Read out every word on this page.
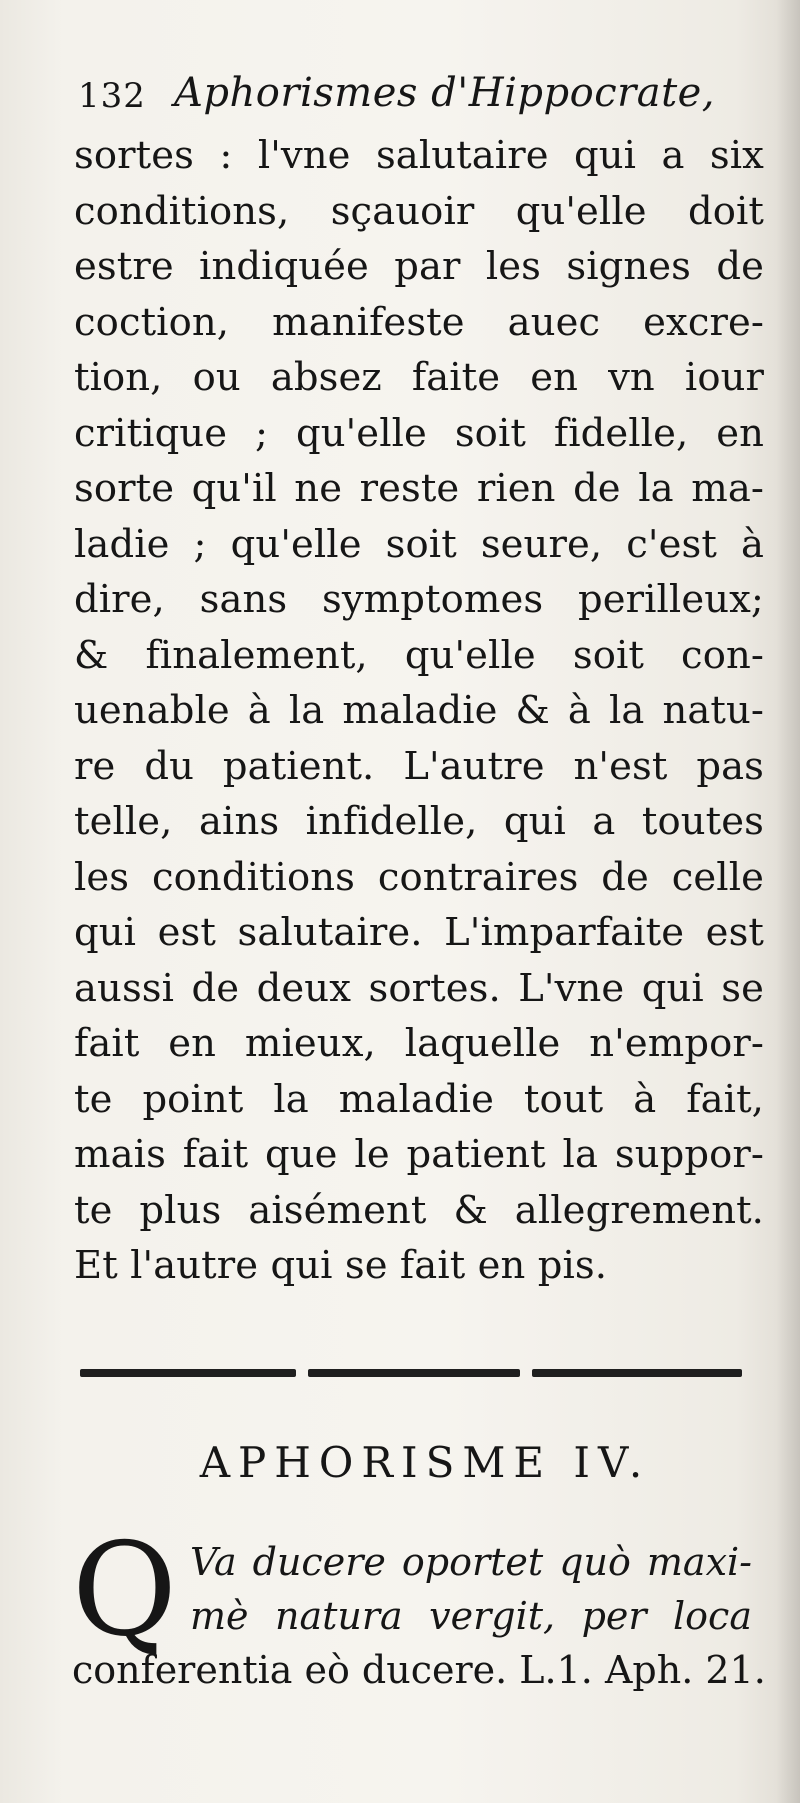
132 Aphorismes d'Hippocrate,
sortes : l'vne salutaire qui a six
conditions, sçauoir qu'elle doit
estre indiquée par les signes de
coction, manifeste auec excre-
tion, ou absez faite en vn iour
critique ; qu'elle soit fidelle, en
sorte qu'il ne reste rien de la ma-
ladie ; qu'elle soit seure, c'est à
dire, sans symptomes perilleux;
& finalement, qu'elle soit con-
uenable à la maladie & à la natu-
re du patient. L'autre n'est pas
telle, ains infidelle, qui a toutes
les conditions contraires de celle
qui est salutaire. L'imparfaite est
aussi de deux sortes. L'vne qui se
fait en mieux, laquelle n'empor-
te point la maladie tout à fait,
mais fait que le patient la suppor-
te plus aisément & allegrement.
Et l'autre qui se fait en pis.
APHORISME IV.
Q Va ducere oportet quò maxi-
mè natura vergit, per loca
conferentia eò ducere. L.1. Aph. 21.
